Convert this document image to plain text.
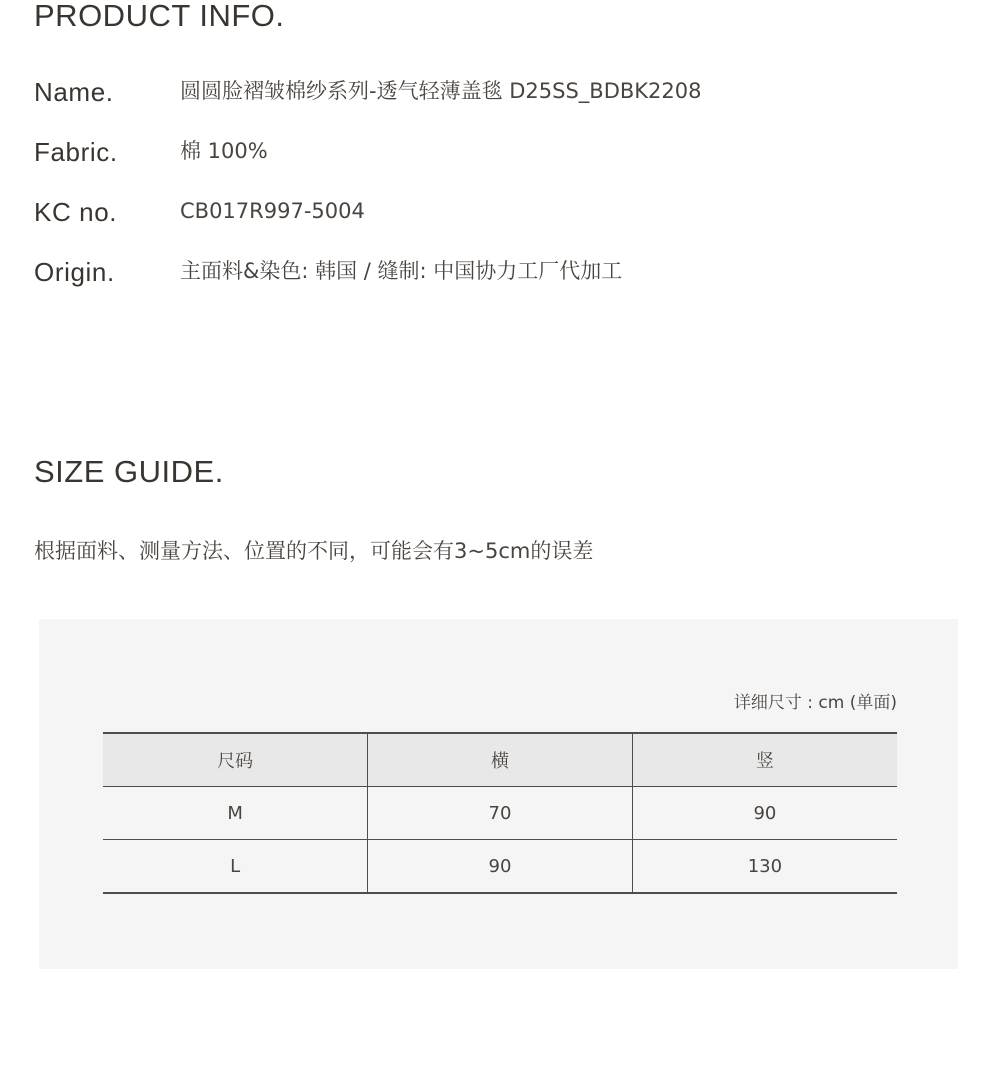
PRODUCT INFO.
Name.	圆圆脸褶皱棉纱系列-透气轻薄盖毯 D25SS_BDBK2208
Fabric.	棉 100%
KC no.	CB017R997-5004
Origin.	主面料&染色: 韩国 / 缝制: 中国协力工厂代加工
SIZE GUIDE.
根据面料、测量方法、位置的不同，可能会有3~5cm的误差
详细尺寸 : cm (单面)
尺码	横	竖
M	70	90
L	90	130
